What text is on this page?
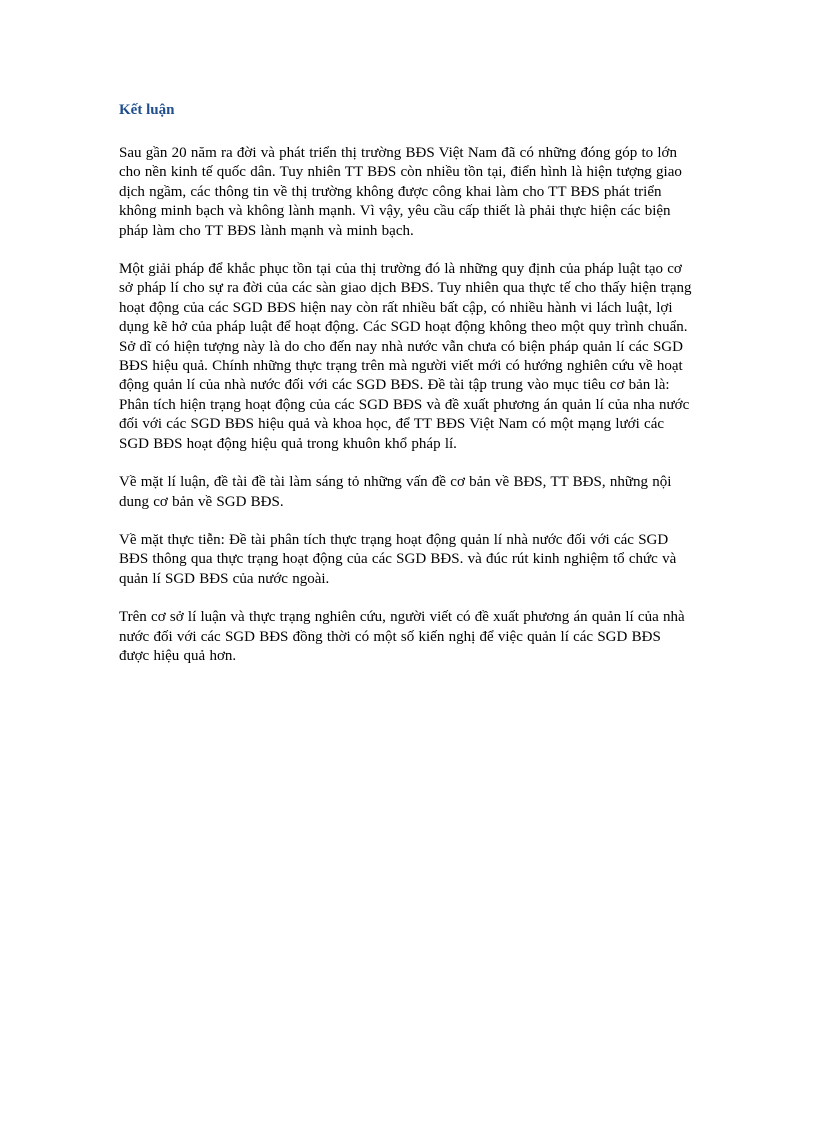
Kết luận

Sau gần 20 năm ra đời và phát triển thị trường BĐS Việt Nam đã có những đóng góp to lớn cho nền kinh tế quốc dân. Tuy nhiên TT BĐS còn nhiều tồn tại, điển hình là hiện tượng giao dịch ngầm, các thông tin về thị trường không được công khai làm cho TT BĐS phát triển không minh bạch và không lành mạnh. Vì vậy, yêu cầu cấp thiết là phải thực hiện các biện pháp làm cho TT BĐS lành mạnh và minh bạch.

Một giải pháp để khắc phục tồn tại của thị trường đó là những quy định của pháp luật tạo cơ sở pháp lí cho sự ra đời của các sàn giao dịch BĐS. Tuy nhiên qua thực tế cho thấy hiện trạng hoạt động của các SGD BĐS hiện nay còn rất nhiều bất cập, có nhiều hành vi lách luật, lợi dụng kẽ hở của pháp luật để hoạt động. Các SGD hoạt động không theo một quy trình chuẩn. Sở dĩ có hiện tượng này là do cho đến nay nhà nước vẫn chưa có biện pháp quản lí các SGD BĐS hiệu quả. Chính những thực trạng trên mà người viết mới có hướng nghiên cứu về hoạt động quản lí của nhà nước đối với các SGD BĐS. Đề tài tập trung vào mục tiêu cơ bản là: Phân tích hiện trạng hoạt động của các SGD BĐS và đề xuất phương án quản lí của nha nước đối với các SGD BĐS hiệu quả và khoa học, để TT BĐS Việt Nam có một mạng lưới các SGD BĐS hoạt động hiệu quả trong khuôn khổ pháp lí.

Về mặt lí luận, đề tài đề tài làm sáng tỏ những vấn đề cơ bản về BĐS, TT BĐS, những nội dung cơ bản về SGD BĐS.

Về mặt thực tiễn: Đề tài phân tích thực trạng hoạt động quản lí nhà nước đối với các SGD BĐS thông qua thực trạng hoạt động của các SGD BĐS. và đúc rút kinh nghiệm tổ chức và quản lí SGD BĐS của nước ngoài.

Trên cơ sở lí luận và thực trạng nghiên cứu, người viết có đề xuất phương án quản lí của nhà nước đối với các SGD BĐS đồng thời có một số kiến nghị để việc quản lí các SGD BĐS được hiệu quả hơn.
